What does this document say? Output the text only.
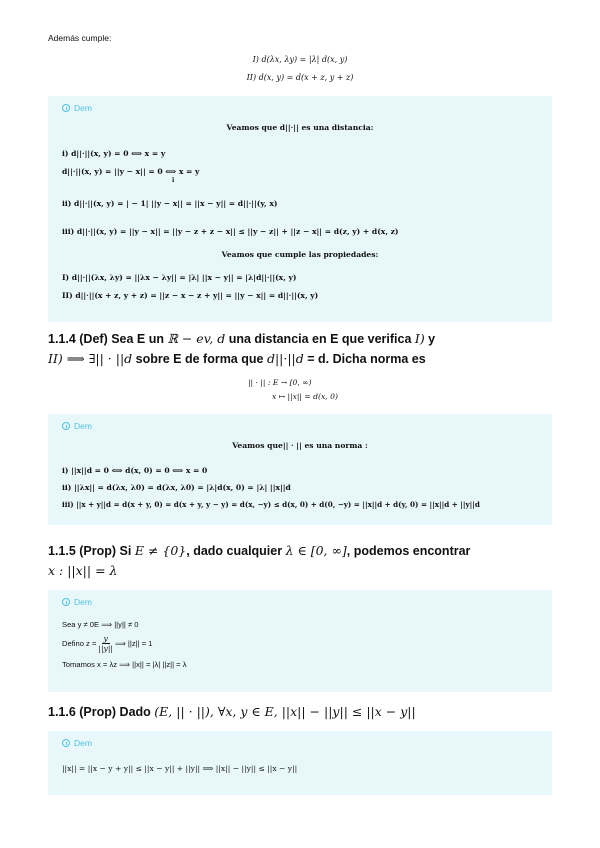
Además cumple:
I) d(λx, λy) = |λ| d(x, y)
II) d(x, y) = d(x + z, y + z)
Dem
Veamos que d||·|| es una distancia:
i) d||·||(x, y) = 0 ⟺ x = y
d||·||(x, y) = ||y − x|| = 0 ⟺ x = y
i
ii) d||·||(x, y) = | − 1| ||y − x|| = ||x − y|| = d||·||(y, x)
iii) d||·||(x, y) = ||y − x|| = ||y − z + z − x|| ≤ ||y − z|| + ||z − x|| = d(z, y) + d(x, z)
Veamos que cumple las propiedades:
I) d||·||(λx, λy) = ||λx − λy|| = |λ| ||x − y|| = |λ|d||·||(x, y)
II) d||·||(x + z, y + z) = ||z − x − z + y|| = ||y − x|| = d||·||(x, y)
1.1.4 (Def) Sea E un ℝ − ev, d una distancia en E que verifica I) y
II) ⟹ ∃|| · ||d sobre E de forma que d||·||d = d. Dicha norma es
|| · || : E → [0, ∞)
x ↦ ||x|| = d(x, 0)
Dem
Veamos que|| · || es una norma :
i) ||x||d = 0 ⟺ d(x, 0) = 0 ⟺ x = 0
ii) ||λx|| = d(λx, λ0) = d(λx, λ0) = |λ|d(x, 0) = |λ| ||x||d
iii) ||x + y||d = d(x + y, 0) = d(x + y, y − y) = d(x, −y) ≤ d(x, 0) + d(0, −y) = ||x||d + d(y, 0) = ||x||d + ||y||d
1.1.5 (Prop) Si E ≠ {0}, dado cualquier λ ∈ [0, ∞], podemos encontrar
x : ||x|| = λ
Dem
Sea y ≠ 0E ⟹ ||y|| ≠ 0
Defino $z = \frac{y}{||y||}$ ⟹ ||z|| = 1
Tomamos x = λz ⟹ ||x|| = |λ| ||z|| = λ
1.1.6 (Prop) Dado (E, || · ||), ∀x, y ∈ E, ||x|| − ||y|| ≤ ||x − y||
Dem
||x|| = ||x − y + y|| ≤ ||x − y|| + ||y|| ⟹ ||x|| − ||y|| ≤ ||x − y||
